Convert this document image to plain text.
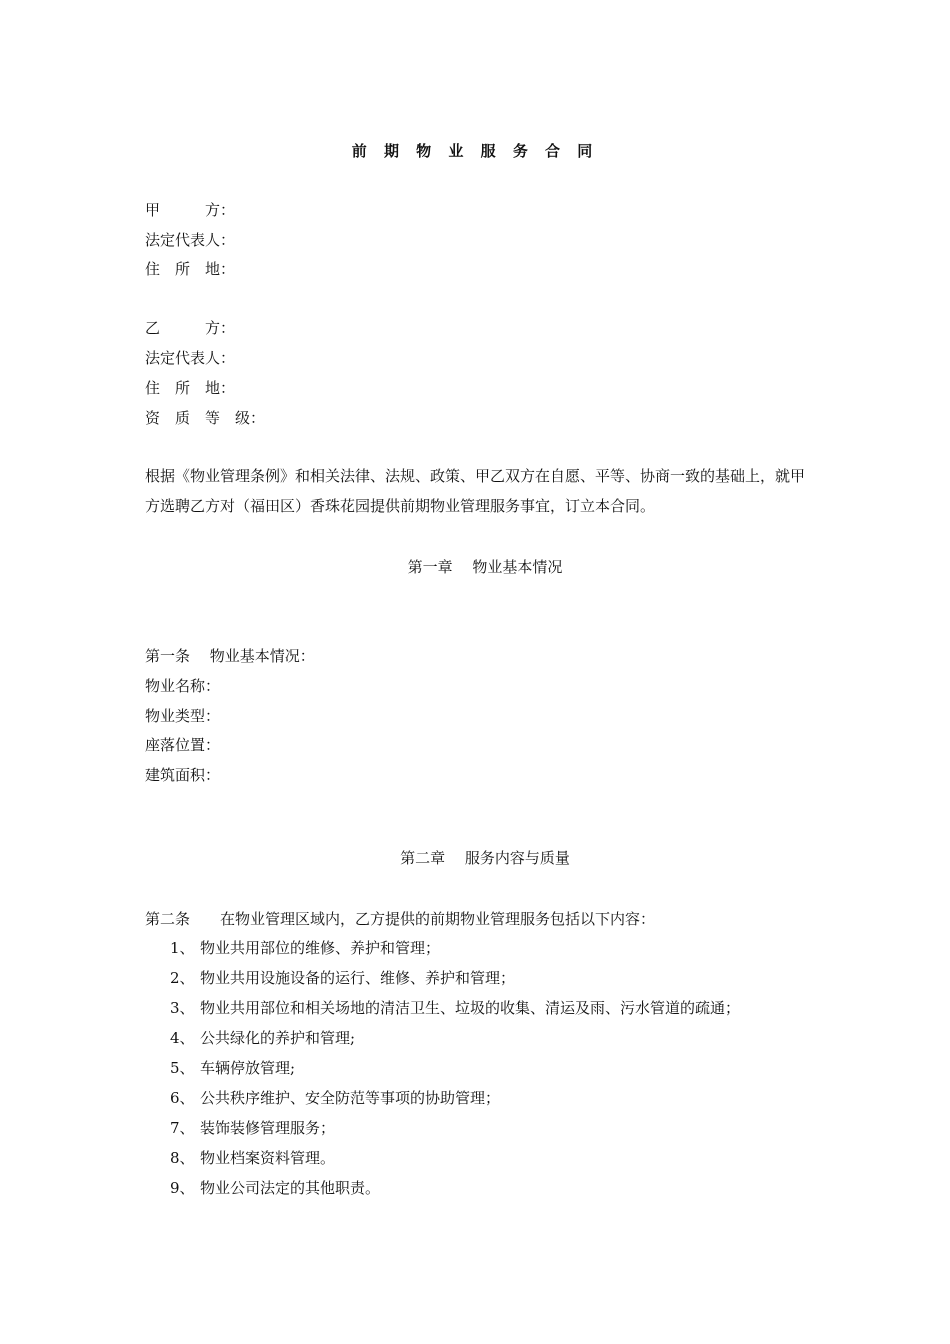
前 期 物 业 服 务 合 同
甲　　　方：
法定代表人：
住　所　地：
乙　　　方：
法定代表人：
住　所　地：
资　质　等　级：
根据《物业管理条例》和相关法律、法规、政策、甲乙双方在自愿、平等、协商一致的基础上，就甲方选聘乙方对（福田区）香珠花园提供前期物业管理服务事宜，订立本合同。
第一章　 物业基本情况
第一条　 物业基本情况：
物业名称：
物业类型：
座落位置：
建筑面积：
第二章　 服务内容与质量
第二条　　在物业管理区域内，乙方提供的前期物业管理服务包括以下内容：
1、 物业共用部位的维修、养护和管理；
2、 物业共用设施设备的运行、维修、养护和管理；
3、 物业共用部位和相关场地的清洁卫生、垃圾的收集、清运及雨、污水管道的疏通；
4、 公共绿化的养护和管理;
5、 车辆停放管理;
6、 公共秩序维护、安全防范等事项的协助管理；
7、 装饰装修管理服务；
8、 物业档案资料管理。
9、 物业公司法定的其他职责。
